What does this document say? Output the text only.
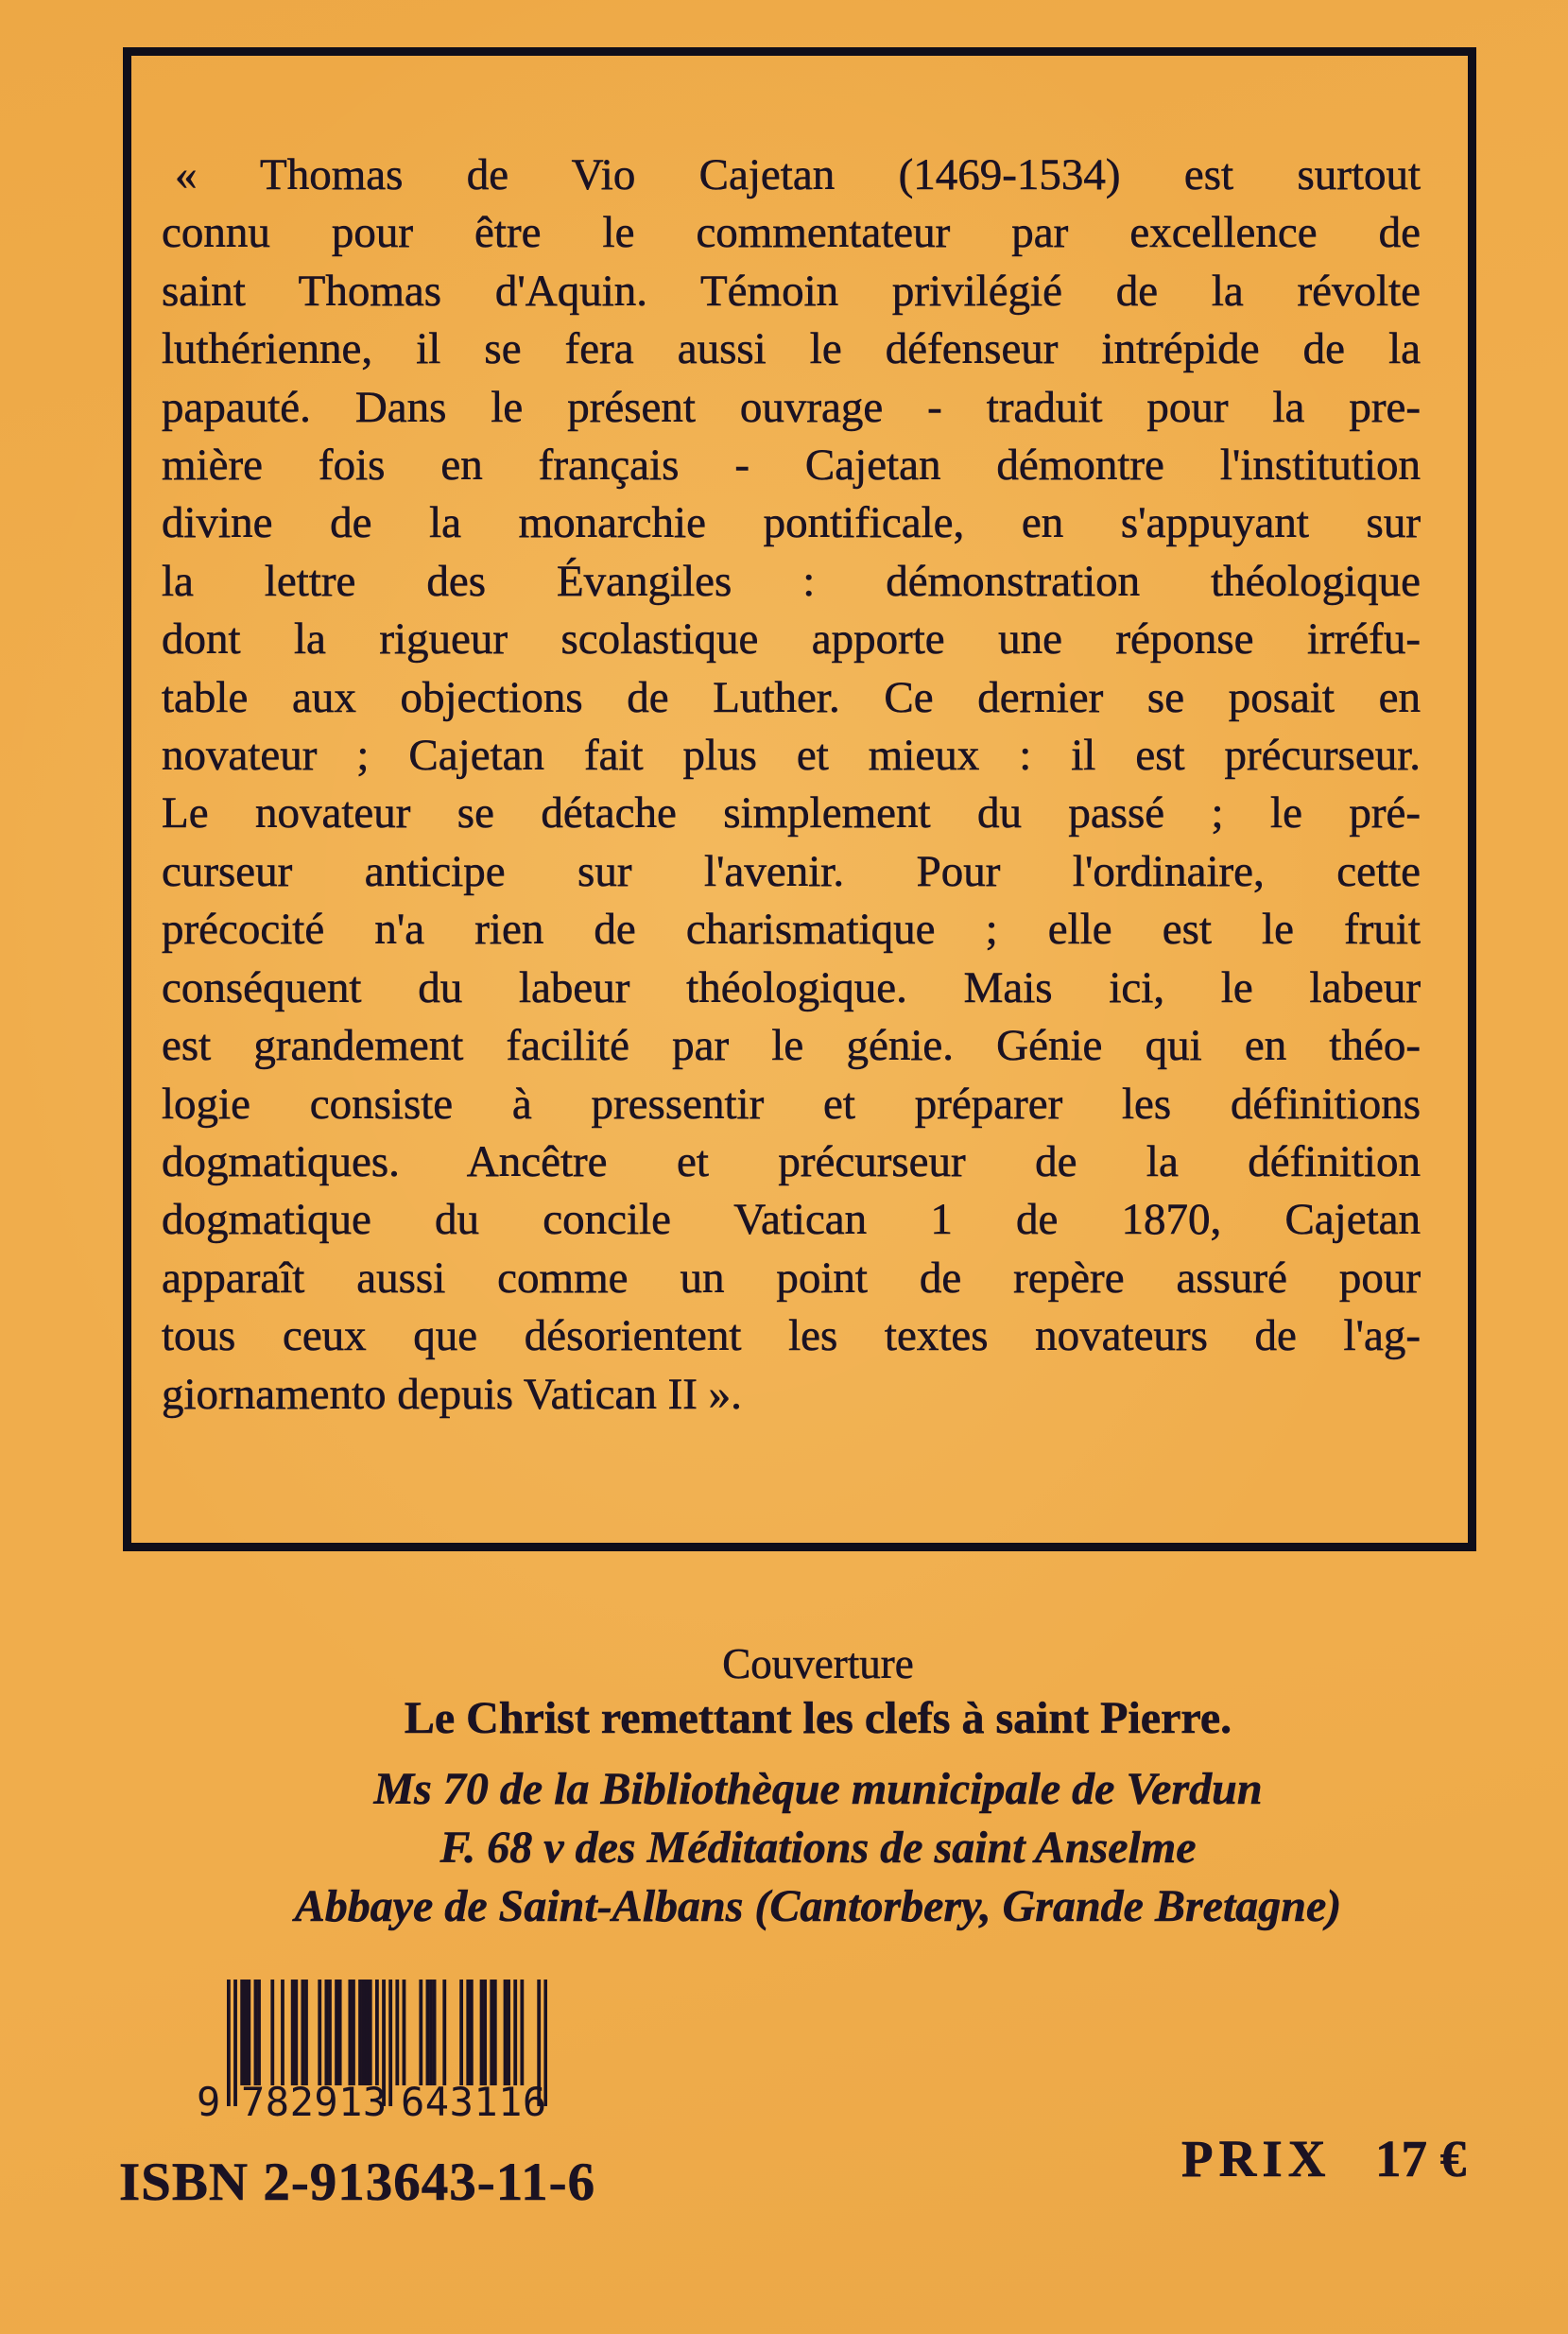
« Thomas de Vio Cajetan (1469-1534) est surtout
connu pour être le commentateur par excellence de
saint Thomas d'Aquin. Témoin privilégié de la révolte
luthérienne, il se fera aussi le défenseur intrépide de la
papauté. Dans le présent ouvrage - traduit pour la pre-
mière fois en français - Cajetan démontre l'institution
divine de la monarchie pontificale, en s'appuyant sur
la lettre des Évangiles : démonstration théologique
dont la rigueur scolastique apporte une réponse irréfu-
table aux objections de Luther. Ce dernier se posait en
novateur ; Cajetan fait plus et mieux : il est précurseur.
Le novateur se détache simplement du passé ; le pré-
curseur anticipe sur l'avenir. Pour l'ordinaire, cette
précocité n'a rien de charismatique ; elle est le fruit
conséquent du labeur théologique. Mais ici, le labeur
est grandement facilité par le génie. Génie qui en théo-
logie consiste à pressentir et préparer les définitions
dogmatiques. Ancêtre et précurseur de la définition
dogmatique du concile Vatican 1 de 1870, Cajetan
apparaît aussi comme un point de repère assuré pour
tous ceux que désorientent les textes novateurs de l'ag-
giornamento depuis Vatican II ».
Couverture
Le Christ remettant les clefs à saint Pierre.
Ms 70 de la Bibliothèque municipale de Verdun
F. 68 v des Méditations de saint Anselme
Abbaye de Saint-Albans (Cantorbery, Grande Bretagne)
9 782913 643116
ISBN 2-913643-11-6	PRIX 17 €
